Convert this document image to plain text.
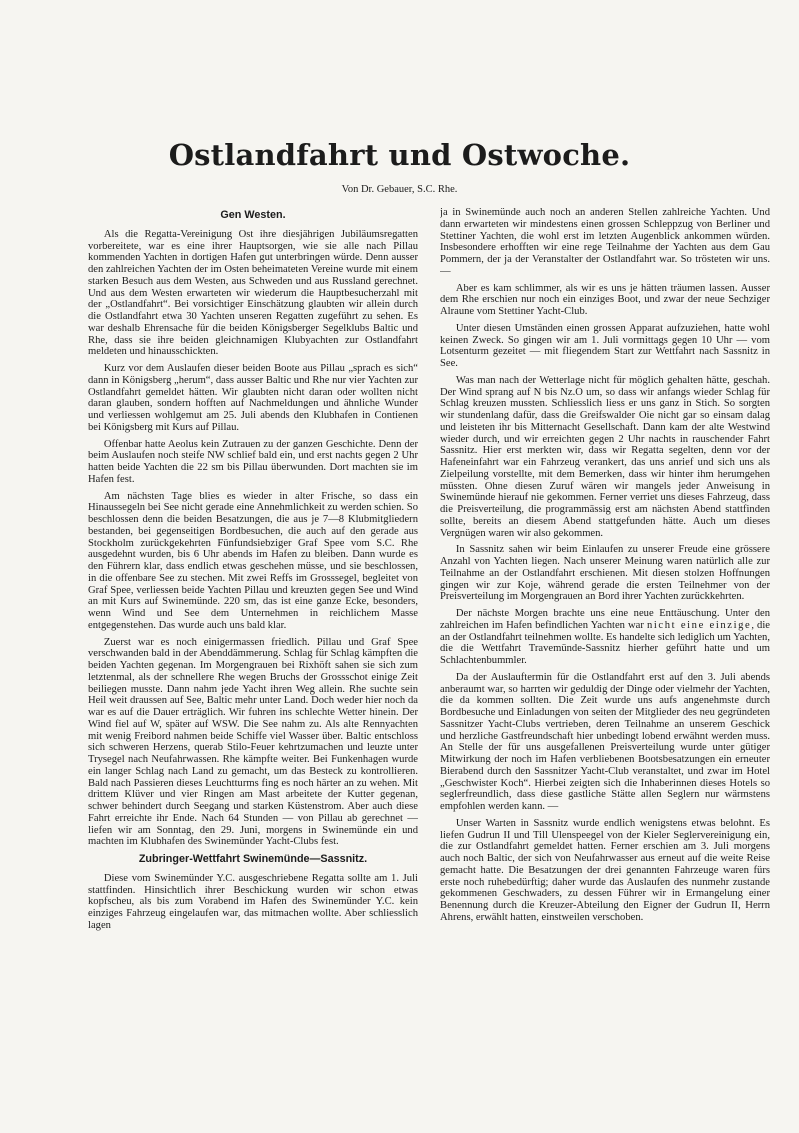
Ostlandfahrt und Ostwoche.
Von Dr. Gebauer, S.C. Rhe.
Gen Westen.

Als die Regatta-Vereinigung Ost ihre diesjährigen Jubiläumsregatten vorbereitete, war es eine ihrer Hauptsorgen, wie sie alle nach Pillau kommenden Yachten in dortigen Hafen gut unterbringen würde. Denn ausser den zahlreichen Yachten der im Osten beheimateten Vereine wurde mit einem starken Besuch aus dem Westen, aus Schweden und aus Russland gerechnet. Und aus dem Westen erwarteten wir wiederum die Hauptbesucherzahl mit der „Ostlandfahrt“. Bei vorsichtiger Einschätzung glaubten wir allein durch die Ostlandfahrt etwa 30 Yachten unseren Regatten zugeführt zu sehen. Es war deshalb Ehrensache für die beiden Königsberger Segelklubs Baltic und Rhe, dass sie ihre beiden gleichnamigen Klubyachten zur Ostlandfahrt meldeten und hinausschickten.

Kurz vor dem Auslaufen dieser beiden Boote aus Pillau „sprach es sich“ dann in Königsberg „herum“, dass ausser Baltic und Rhe nur vier Yachten zur Ostlandfahrt gemeldet hätten. Wir glaubten nicht daran oder wollten nicht daran glauben, sondern hofften auf Nachmeldungen und ähnliche Wunder und verliessen wohlgemut am 25. Juli abends den Klubhafen in Contienen bei Königsberg mit Kurs auf Pillau.

Offenbar hatte Aeolus kein Zutrauen zu der ganzen Geschichte. Denn der beim Auslaufen noch steife NW schlief bald ein, und erst nachts gegen 2 Uhr hatten beide Yachten die 22 sm bis Pillau überwunden. Dort machten sie im Hafen fest.

Am nächsten Tage blies es wieder in alter Frische, so dass ein Hinaussegeln bei See nicht gerade eine Annehmlichkeit zu werden schien. So beschlossen denn die beiden Besatzungen, die aus je 7—8 Klubmitgliedern bestanden, bei gegenseitigen Bordbesuchen, die auch auf den gerade aus Stockholm zurückgekehrten Fünfundsiebziger Graf Spee vom S.C. Rhe ausgedehnt wurden, bis 6 Uhr abends im Hafen zu bleiben. Dann wurde es den Führern klar, dass endlich etwas geschehen müsse, und sie beschlossen, in die offenbare See zu stechen. Mit zwei Reffs im Grosssegel, begleitet von Graf Spee, verliessen beide Yachten Pillau und kreuzten gegen See und Wind an mit Kurs auf Swinemünde. 220 sm, das ist eine ganze Ecke, besonders, wenn Wind und See dem Unternehmen in reichlichem Masse entgegenstehen. Das wurde auch uns bald klar.

Zuerst war es noch einigermassen friedlich. Pillau und Graf Spee verschwanden bald in der Abenddämmerung. Schlag für Schlag kämpften die beiden Yachten gegenan. Im Morgengrauen bei Rixhöft sahen sie sich zum letztenmal, als der schnellere Rhe wegen Bruchs der Grossschot einige Zeit beiliegen musste. Dann nahm jede Yacht ihren Weg allein. Rhe suchte sein Heil weit draussen auf See, Baltic mehr unter Land. Doch weder hier noch da war es auf die Dauer erträglich. Wir fuhren ins schlechte Wetter hinein. Der Wind fiel auf W, später auf WSW. Die See nahm zu. Als alte Rennyachten mit wenig Freibord nahmen beide Schiffe viel Wasser über. Baltic entschloss sich schweren Herzens, querab Stilo-Feuer kehrtzumachen und leuzte unter Trysegel nach Neufahrwassen. Rhe kämpfte weiter. Bei Funkenhagen wurde ein langer Schlag nach Land zu gemacht, um das Besteck zu kontrollieren. Bald nach Passieren dieses Leuchtturms fing es noch härter an zu wehen. Mit drittem Klüver und vier Ringen am Mast arbeitete der Kutter gegenan, schwer behindert durch Seegang und starken Küstenstrom. Aber auch diese Fahrt erreichte ihr Ende. Nach 64 Stunden — von Pillau ab gerechnet — liefen wir am Sonntag, den 29. Juni, morgens in Swinemünde ein und machten im Klubhafen des Swinemünder Yacht-Clubs fest.

Zubringer-Wettfahrt Swinemünde—Sassnitz.

Diese vom Swinemünder Y.C. ausgeschriebene Regatta sollte am 1. Juli stattfinden. Hinsichtlich ihrer Beschickung wurden wir schon etwas kopfscheu, als bis zum Vorabend im Hafen des Swinemünder Y.C. kein einziges Fahrzeug eingelaufen war, das mitmachen wollte. Aber schliesslich lagen

ja in Swinemünde auch noch an anderen Stellen zahlreiche Yachten. Und dann erwarteten wir mindestens einen grossen Schleppzug von Berliner und Stettiner Yachten, die wohl erst im letzten Augenblick ankommen würden. Insbesondere erhofften wir eine rege Teilnahme der Yachten aus dem Gau Pommern, der ja der Veranstalter der Ostlandfahrt war. So trösteten wir uns. —

Aber es kam schlimmer, als wir es uns je hätten träumen lassen. Ausser dem Rhe erschien nur noch ein einziges Boot, und zwar der neue Sechziger Alraune vom Stettiner Yacht-Club.

Unter diesen Umständen einen grossen Apparat aufzuziehen, hatte wohl keinen Zweck. So gingen wir am 1. Juli vormittags gegen 10 Uhr — vom Lotsenturm gezeitet — mit fliegendem Start zur Wettfahrt nach Sassnitz in See.

Was man nach der Wetterlage nicht für möglich gehalten hätte, geschah. Der Wind sprang auf N bis Nz.O um, so dass wir anfangs wieder Schlag für Schlag kreuzen mussten. Schliesslich liess er uns ganz in Stich. So sorgten wir stundenlang dafür, dass die Greifswalder Oie nicht gar so einsam dalag und leisteten ihr bis Mitternacht Gesellschaft. Dann kam der alte Westwind wieder durch, und wir erreichten gegen 2 Uhr nachts in rauschender Fahrt Sassnitz. Hier erst merkten wir, dass wir Regatta segelten, denn vor der Hafeneinfahrt war ein Fahrzeug verankert, das uns anrief und sich uns als Zielpeilung vorstellte, mit dem Bemerken, dass wir hinter ihm herumgehen müssten. Ohne diesen Zuruf wären wir mangels jeder Anweisung in Swinemünde hierauf nie gekommen. Ferner verriet uns dieses Fahrzeug, dass die Preisverteilung, die programmässig erst am nächsten Abend stattfinden sollte, bereits an diesem Abend stattgefunden hätte. Auch um dieses Vergnügen waren wir also gekommen.

In Sassnitz sahen wir beim Einlaufen zu unserer Freude eine grössere Anzahl von Yachten liegen. Nach unserer Meinung waren natürlich alle zur Teilnahme an der Ostlandfahrt erschienen. Mit diesen stolzen Hoffnungen gingen wir zur Koje, während gerade die ersten Teilnehmer von der Preisverteilung im Morgengrauen an Bord ihrer Yachten zurückkehrten.

Der nächste Morgen brachte uns eine neue Enttäuschung. Unter den zahlreichen im Hafen befindlichen Yachten war nicht eine einzige, die an der Ostlandfahrt teilnehmen wollte. Es handelte sich lediglich um Yachten, die die Wettfahrt Travemünde-Sassnitz hierher geführt hatte und um Schlachtenbummler.

Da der Auslauftermin für die Ostlandfahrt erst auf den 3. Juli abends anberaumt war, so harrten wir geduldig der Dinge oder vielmehr der Yachten, die da kommen sollten. Die Zeit wurde uns aufs angenehmste durch Bordbesuche und Einladungen von seiten der Mitglieder des neu gegründeten Sassnitzer Yacht-Clubs vertrieben, deren Teilnahme an unserem Geschick und herzliche Gastfreundschaft hier unbedingt lobend erwähnt werden muss. An Stelle der für uns ausgefallenen Preisverteilung wurde unter gütiger Mitwirkung der noch im Hafen verbliebenen Bootsbesatzungen ein erneuter Bierabend durch den Sassnitzer Yacht-Club veranstaltet, und zwar im Hotel „Geschwister Koch“. Hierbei zeigten sich die Inhaberinnen dieses Hotels so seglerfreundlich, dass diese gastliche Stätte allen Seglern nur wärmstens empfohlen werden kann. —

Unser Warten in Sassnitz wurde endlich wenigstens etwas belohnt. Es liefen Gudrun II und Till Ulenspeegel von der Kieler Seglervereinigung ein, die zur Ostlandfahrt gemeldet hatten. Ferner erschien am 3. Juli morgens auch noch Baltic, der sich von Neufahrwasser aus erneut auf die weite Reise gemacht hatte. Die Besatzungen der drei genannten Fahrzeuge waren fürs erste noch ruhebedürftig; daher wurde das Auslaufen des nunmehr zustande gekommenen Geschwaders, zu dessen Führer wir in Ermangelung einer Benennung durch die Kreuzer-Abteilung den Eigner der Gudrun II, Herrn Ahrens, erwählt hatten, einstweilen verschoben.
